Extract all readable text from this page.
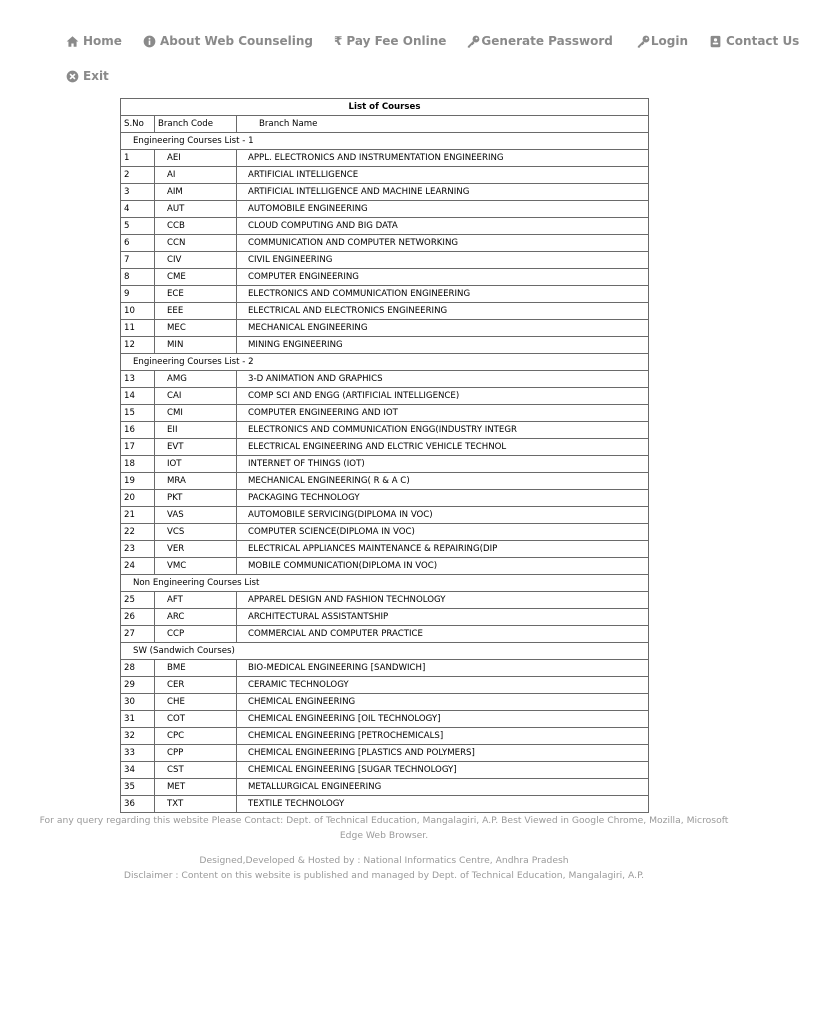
Home	About Web Counseling ₹ Pay Fee Online	Generate Password	Login	Contact Us
Exit
List of Courses		
S.No	Branch Code	Branch Name
Engineering Courses List - 1		
1	AEI	APPL. ELECTRONICS AND INSTRUMENTATION ENGINEERING
2	AI	ARTIFICIAL INTELLIGENCE
3	AIM	ARTIFICIAL INTELLIGENCE AND MACHINE LEARNING
4	AUT	AUTOMOBILE ENGINEERING
5	CCB	CLOUD COMPUTING AND BIG DATA
6	CCN	COMMUNICATION AND COMPUTER NETWORKING
7	CIV	CIVIL ENGINEERING
8	CME	COMPUTER ENGINEERING
9	ECE	ELECTRONICS AND COMMUNICATION ENGINEERING
10	EEE	ELECTRICAL AND ELECTRONICS ENGINEERING
11	MEC	MECHANICAL ENGINEERING
12	MIN	MINING ENGINEERING
Engineering Courses List - 2		
13	AMG	3-D ANIMATION AND GRAPHICS
14	CAI	COMP SCI AND ENGG (ARTIFICIAL INTELLIGENCE)
15	CMI	COMPUTER ENGINEERING AND IOT
16	EII	ELECTRONICS AND COMMUNICATION ENGG(INDUSTRY INTEGR
17	EVT	ELECTRICAL ENGINEERING AND ELCTRIC VEHICLE TECHNOL
18	IOT	INTERNET OF THINGS (IOT)
19	MRA	MECHANICAL ENGINEERING( R & A C)
20	PKT	PACKAGING TECHNOLOGY
21	VAS	AUTOMOBILE SERVICING(DIPLOMA IN VOC)
22	VCS	COMPUTER SCIENCE(DIPLOMA IN VOC)
23	VER	ELECTRICAL APPLIANCES MAINTENANCE & REPAIRING(DIP
24	VMC	MOBILE COMMUNICATION(DIPLOMA IN VOC)
Non Engineering Courses List		
25	AFT	APPAREL DESIGN AND FASHION TECHNOLOGY
26	ARC	ARCHITECTURAL ASSISTANTSHIP
27	CCP	COMMERCIAL AND COMPUTER PRACTICE
SW (Sandwich Courses)		
28	BME	BIO-MEDICAL ENGINEERING [SANDWICH]
29	CER	CERAMIC TECHNOLOGY
30	CHE	CHEMICAL ENGINEERING
31	COT	CHEMICAL ENGINEERING [OIL TECHNOLOGY]
32	CPC	CHEMICAL ENGINEERING [PETROCHEMICALS]
33	CPP	CHEMICAL ENGINEERING [PLASTICS AND POLYMERS]
34	CST	CHEMICAL ENGINEERING [SUGAR TECHNOLOGY]
35	MET	METALLURGICAL ENGINEERING
36	TXT	TEXTILE TECHNOLOGY
For any query regarding this website Please Contact: Dept. of Technical Education, Mangalagiri, A.P. Best Viewed in Google Chrome, Mozilla, Microsoft Edge Web Browser.
Designed,Developed & Hosted by : National Informatics Centre, Andhra Pradesh
Disclaimer : Content on this website is published and managed by Dept. of Technical Education, Mangalagiri, A.P.
